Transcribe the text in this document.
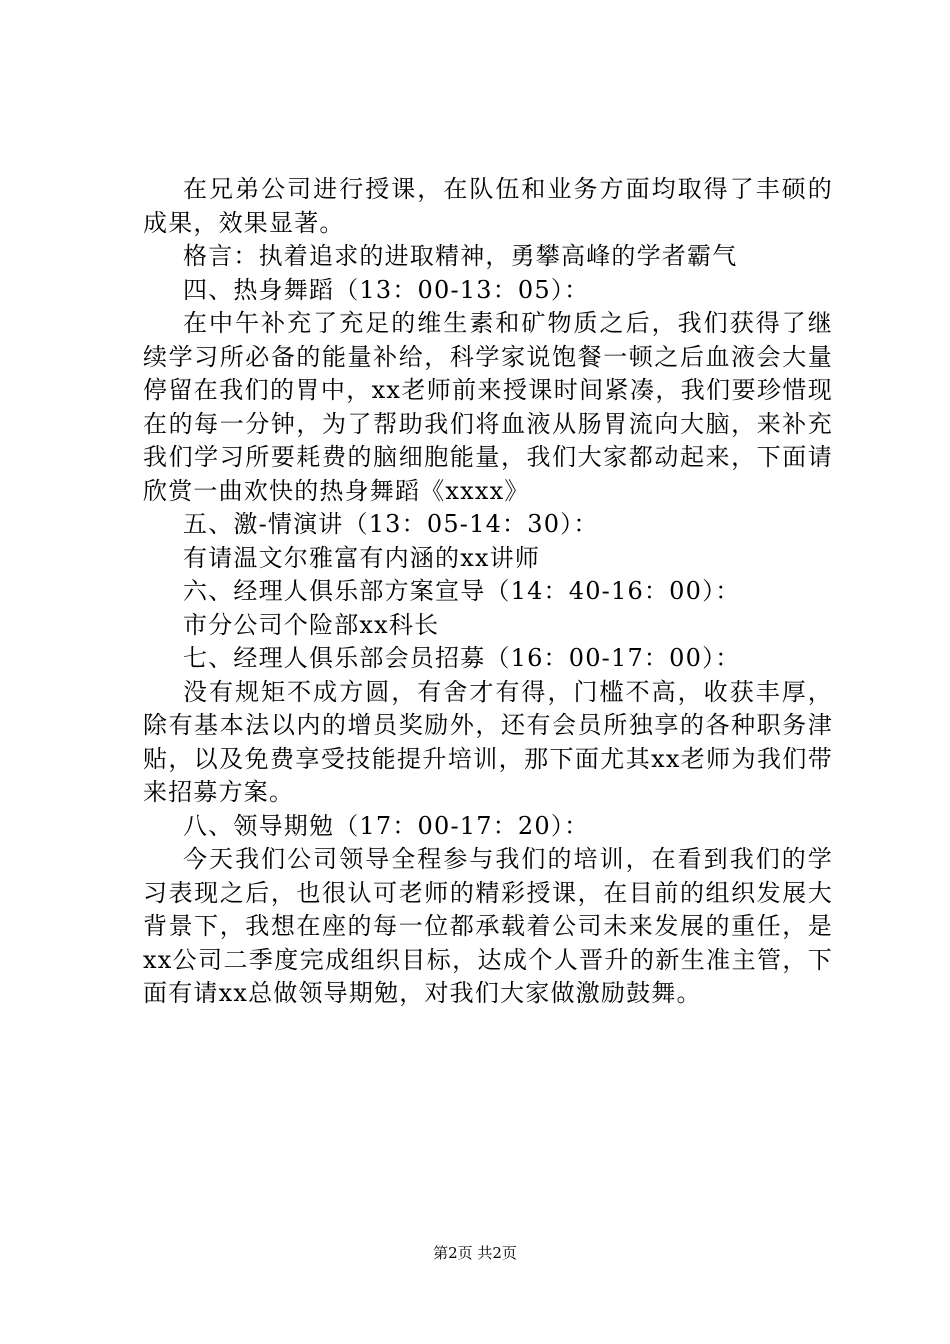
在兄弟公司进行授课，在队伍和业务方面均取得了丰硕的成果，效果显著。

格言：执着追求的进取精神，勇攀高峰的学者霸气

四、热身舞蹈（13：00-13：05）：

在中午补充了充足的维生素和矿物质之后，我们获得了继续学习所必备的能量补给，科学家说饱餐一顿之后血液会大量停留在我们的胃中，xx老师前来授课时间紧凑，我们要珍惜现在的每一分钟，为了帮助我们将血液从肠胃流向大脑，来补充我们学习所要耗费的脑细胞能量，我们大家都动起来，下面请欣赏一曲欢快的热身舞蹈《xxxx》

五、激-情演讲（13：05-14：30）：

有请温文尔雅富有内涵的xx讲师

六、经理人俱乐部方案宣导（14：40-16：00）：

市分公司个险部xx科长

七、经理人俱乐部会员招募（16：00-17：00）：

没有规矩不成方圆，有舍才有得，门槛不高，收获丰厚，除有基本法以内的增员奖励外，还有会员所独享的各种职务津贴，以及免费享受技能提升培训，那下面尤其xx老师为我们带来招募方案。

八、领导期勉（17：00-17：20）：

今天我们公司领导全程参与我们的培训，在看到我们的学习表现之后，也很认可老师的精彩授课，在目前的组织发展大背景下，我想在座的每一位都承载着公司未来发展的重任，是xx公司二季度完成组织目标，达成个人晋升的新生准主管，下面有请xx总做领导期勉，对我们大家做激励鼓舞。

第2页 共2页
